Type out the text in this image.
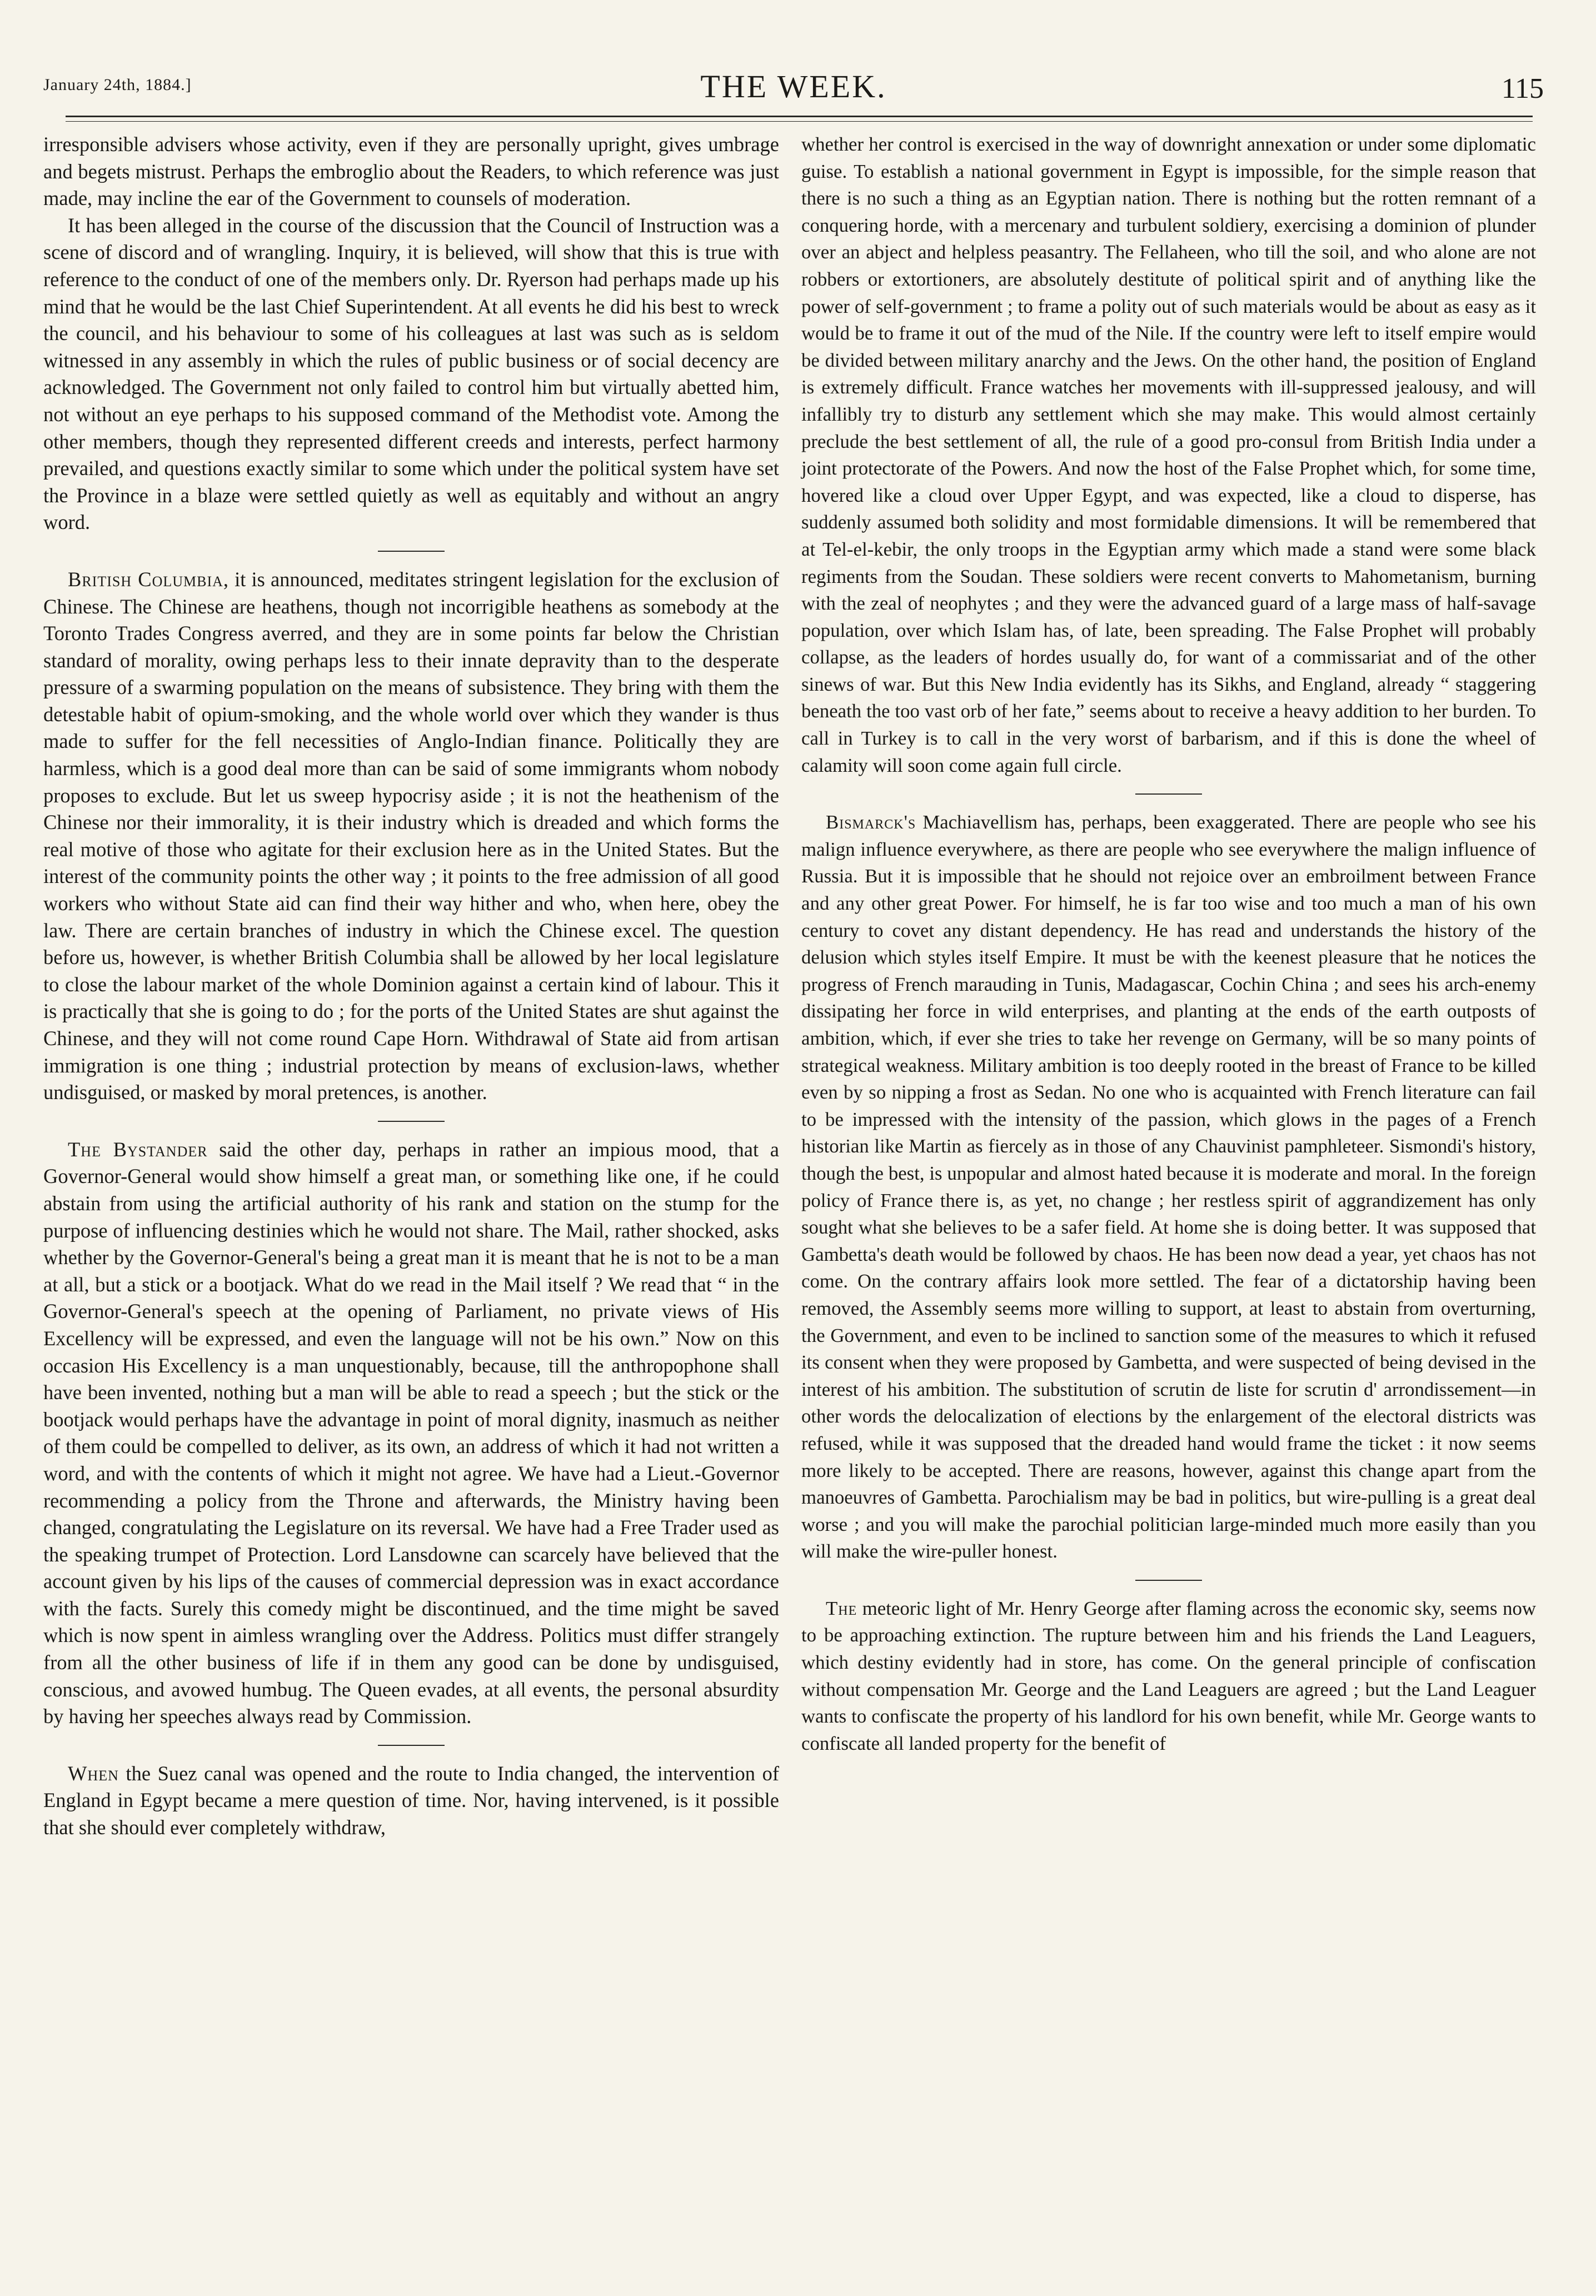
January 24th, 1884.]	THE WEEK.	115

irresponsible advisers whose activity, even if they are personally upright, gives umbrage and begets mistrust. Perhaps the embroglio about the Readers, to which reference was just made, may incline the ear of the Government to counsels of moderation.

It has been alleged in the course of the discussion that the Council of Instruction was a scene of discord and of wrangling. Inquiry, it is believed, will show that this is true with reference to the conduct of one of the members only. Dr. Ryerson had perhaps made up his mind that he would be the last Chief Superintendent. At all events he did his best to wreck the council, and his behaviour to some of his colleagues at last was such as is seldom witnessed in any assembly in which the rules of public business or of social decency are acknowledged. The Government not only failed to control him but virtually abetted him, not without an eye perhaps to his supposed command of the Methodist vote. Among the other members, though they represented different creeds and interests, perfect harmony prevailed, and questions exactly similar to some which under the political system have set the Province in a blaze were settled quietly as well as equitably and without an angry word.

British Columbia, it is announced, meditates stringent legislation for the exclusion of Chinese. The Chinese are heathens, though not incorrigible heathens as somebody at the Toronto Trades Congress averred, and they are in some points far below the Christian standard of morality, owing perhaps less to their innate depravity than to the desperate pressure of a swarming population on the means of subsistence. They bring with them the detestable habit of opium-smoking, and the whole world over which they wander is thus made to suffer for the fell necessities of Anglo-Indian finance. Politically they are harmless, which is a good deal more than can be said of some immigrants whom nobody proposes to exclude. But let us sweep hypocrisy aside ; it is not the heathenism of the Chinese nor their immorality, it is their industry which is dreaded and which forms the real motive of those who agitate for their exclusion here as in the United States. But the interest of the community points the other way ; it points to the free admission of all good workers who without State aid can find their way hither and who, when here, obey the law. There are certain branches of industry in which the Chinese excel. The question before us, however, is whether British Columbia shall be allowed by her local legislature to close the labour market of the whole Dominion against a certain kind of labour. This it is practically that she is going to do ; for the ports of the United States are shut against the Chinese, and they will not come round Cape Horn. Withdrawal of State aid from artisan immigration is one thing ; industrial protection by means of exclusion-laws, whether undisguised, or masked by moral pretences, is another.

The Bystander said the other day, perhaps in rather an impious mood, that a Governor-General would show himself a great man, or something like one, if he could abstain from using the artificial authority of his rank and station on the stump for the purpose of influencing destinies which he would not share. The Mail, rather shocked, asks whether by the Governor-General's being a great man it is meant that he is not to be a man at all, but a stick or a bootjack. What do we read in the Mail itself ? We read that “ in the Governor-General's speech at the opening of Parliament, no private views of His Excellency will be expressed, and even the language will not be his own.” Now on this occasion His Excellency is a man unquestionably, because, till the anthropophone shall have been invented, nothing but a man will be able to read a speech ; but the stick or the bootjack would perhaps have the advantage in point of moral dignity, inasmuch as neither of them could be compelled to deliver, as its own, an address of which it had not written a word, and with the contents of which it might not agree. We have had a Lieut.-Governor recommending a policy from the Throne and afterwards, the Ministry having been changed, congratulating the Legislature on its reversal. We have had a Free Trader used as the speaking trumpet of Protection. Lord Lansdowne can scarcely have believed that the account given by his lips of the causes of commercial depression was in exact accordance with the facts. Surely this comedy might be discontinued, and the time might be saved which is now spent in aimless wrangling over the Address. Politics must differ strangely from all the other business of life if in them any good can be done by undisguised, conscious, and avowed humbug. The Queen evades, at all events, the personal absurdity by having her speeches always read by Commission.

When the Suez canal was opened and the route to India changed, the intervention of England in Egypt became a mere question of time. Nor, having intervened, is it possible that she should ever completely withdraw,

whether her control is exercised in the way of downright annexation or under some diplomatic guise. To establish a national government in Egypt is impossible, for the simple reason that there is no such a thing as an Egyptian nation. There is nothing but the rotten remnant of a conquering horde, with a mercenary and turbulent soldiery, exercising a dominion of plunder over an abject and helpless peasantry. The Fellaheen, who till the soil, and who alone are not robbers or extortioners, are absolutely destitute of political spirit and of anything like the power of self-government ; to frame a polity out of such materials would be about as easy as it would be to frame it out of the mud of the Nile. If the country were left to itself empire would be divided between military anarchy and the Jews. On the other hand, the position of England is extremely difficult. France watches her movements with ill-suppressed jealousy, and will infallibly try to disturb any settlement which she may make. This would almost certainly preclude the best settlement of all, the rule of a good pro-consul from British India under a joint protectorate of the Powers. And now the host of the False Prophet which, for some time, hovered like a cloud over Upper Egypt, and was expected, like a cloud to disperse, has suddenly assumed both solidity and most formidable dimensions. It will be remembered that at Tel-el-kebir, the only troops in the Egyptian army which made a stand were some black regiments from the Soudan. These soldiers were recent converts to Mahometanism, burning with the zeal of neophytes ; and they were the advanced guard of a large mass of half-savage population, over which Islam has, of late, been spreading. The False Prophet will probably collapse, as the leaders of hordes usually do, for want of a commissariat and of the other sinews of war. But this New India evidently has its Sikhs, and England, already “ staggering beneath the too vast orb of her fate,” seems about to receive a heavy addition to her burden. To call in Turkey is to call in the very worst of barbarism, and if this is done the wheel of calamity will soon come again full circle.

Bismarck's Machiavellism has, perhaps, been exaggerated. There are people who see his malign influence everywhere, as there are people who see everywhere the malign influence of Russia. But it is impossible that he should not rejoice over an embroilment between France and any other great Power. For himself, he is far too wise and too much a man of his own century to covet any distant dependency. He has read and understands the history of the delusion which styles itself Empire. It must be with the keenest pleasure that he notices the progress of French marauding in Tunis, Madagascar, Cochin China ; and sees his arch-enemy dissipating her force in wild enterprises, and planting at the ends of the earth outposts of ambition, which, if ever she tries to take her revenge on Germany, will be so many points of strategical weakness. Military ambition is too deeply rooted in the breast of France to be killed even by so nipping a frost as Sedan. No one who is acquainted with French literature can fail to be impressed with the intensity of the passion, which glows in the pages of a French historian like Martin as fiercely as in those of any Chauvinist pamphleteer. Sismondi's history, though the best, is unpopular and almost hated because it is moderate and moral. In the foreign policy of France there is, as yet, no change ; her restless spirit of aggrandizement has only sought what she believes to be a safer field. At home she is doing better. It was supposed that Gambetta's death would be followed by chaos. He has been now dead a year, yet chaos has not come. On the contrary affairs look more settled. The fear of a dictatorship having been removed, the Assembly seems more willing to support, at least to abstain from overturning, the Government, and even to be inclined to sanction some of the measures to which it refused its consent when they were proposed by Gambetta, and were suspected of being devised in the interest of his ambition. The substitution of scrutin de liste for scrutin d' arrondissement—in other words the delocalization of elections by the enlargement of the electoral districts was refused, while it was supposed that the dreaded hand would frame the ticket : it now seems more likely to be accepted. There are reasons, however, against this change apart from the manoeuvres of Gambetta. Parochialism may be bad in politics, but wire-pulling is a great deal worse ; and you will make the parochial politician large-minded much more easily than you will make the wire-puller honest.

The meteoric light of Mr. Henry George after flaming across the economic sky, seems now to be approaching extinction. The rupture between him and his friends the Land Leaguers, which destiny evidently had in store, has come. On the general principle of confiscation without compensation Mr. George and the Land Leaguers are agreed ; but the Land Leaguer wants to confiscate the property of his landlord for his own benefit, while Mr. George wants to confiscate all landed property for the benefit of
